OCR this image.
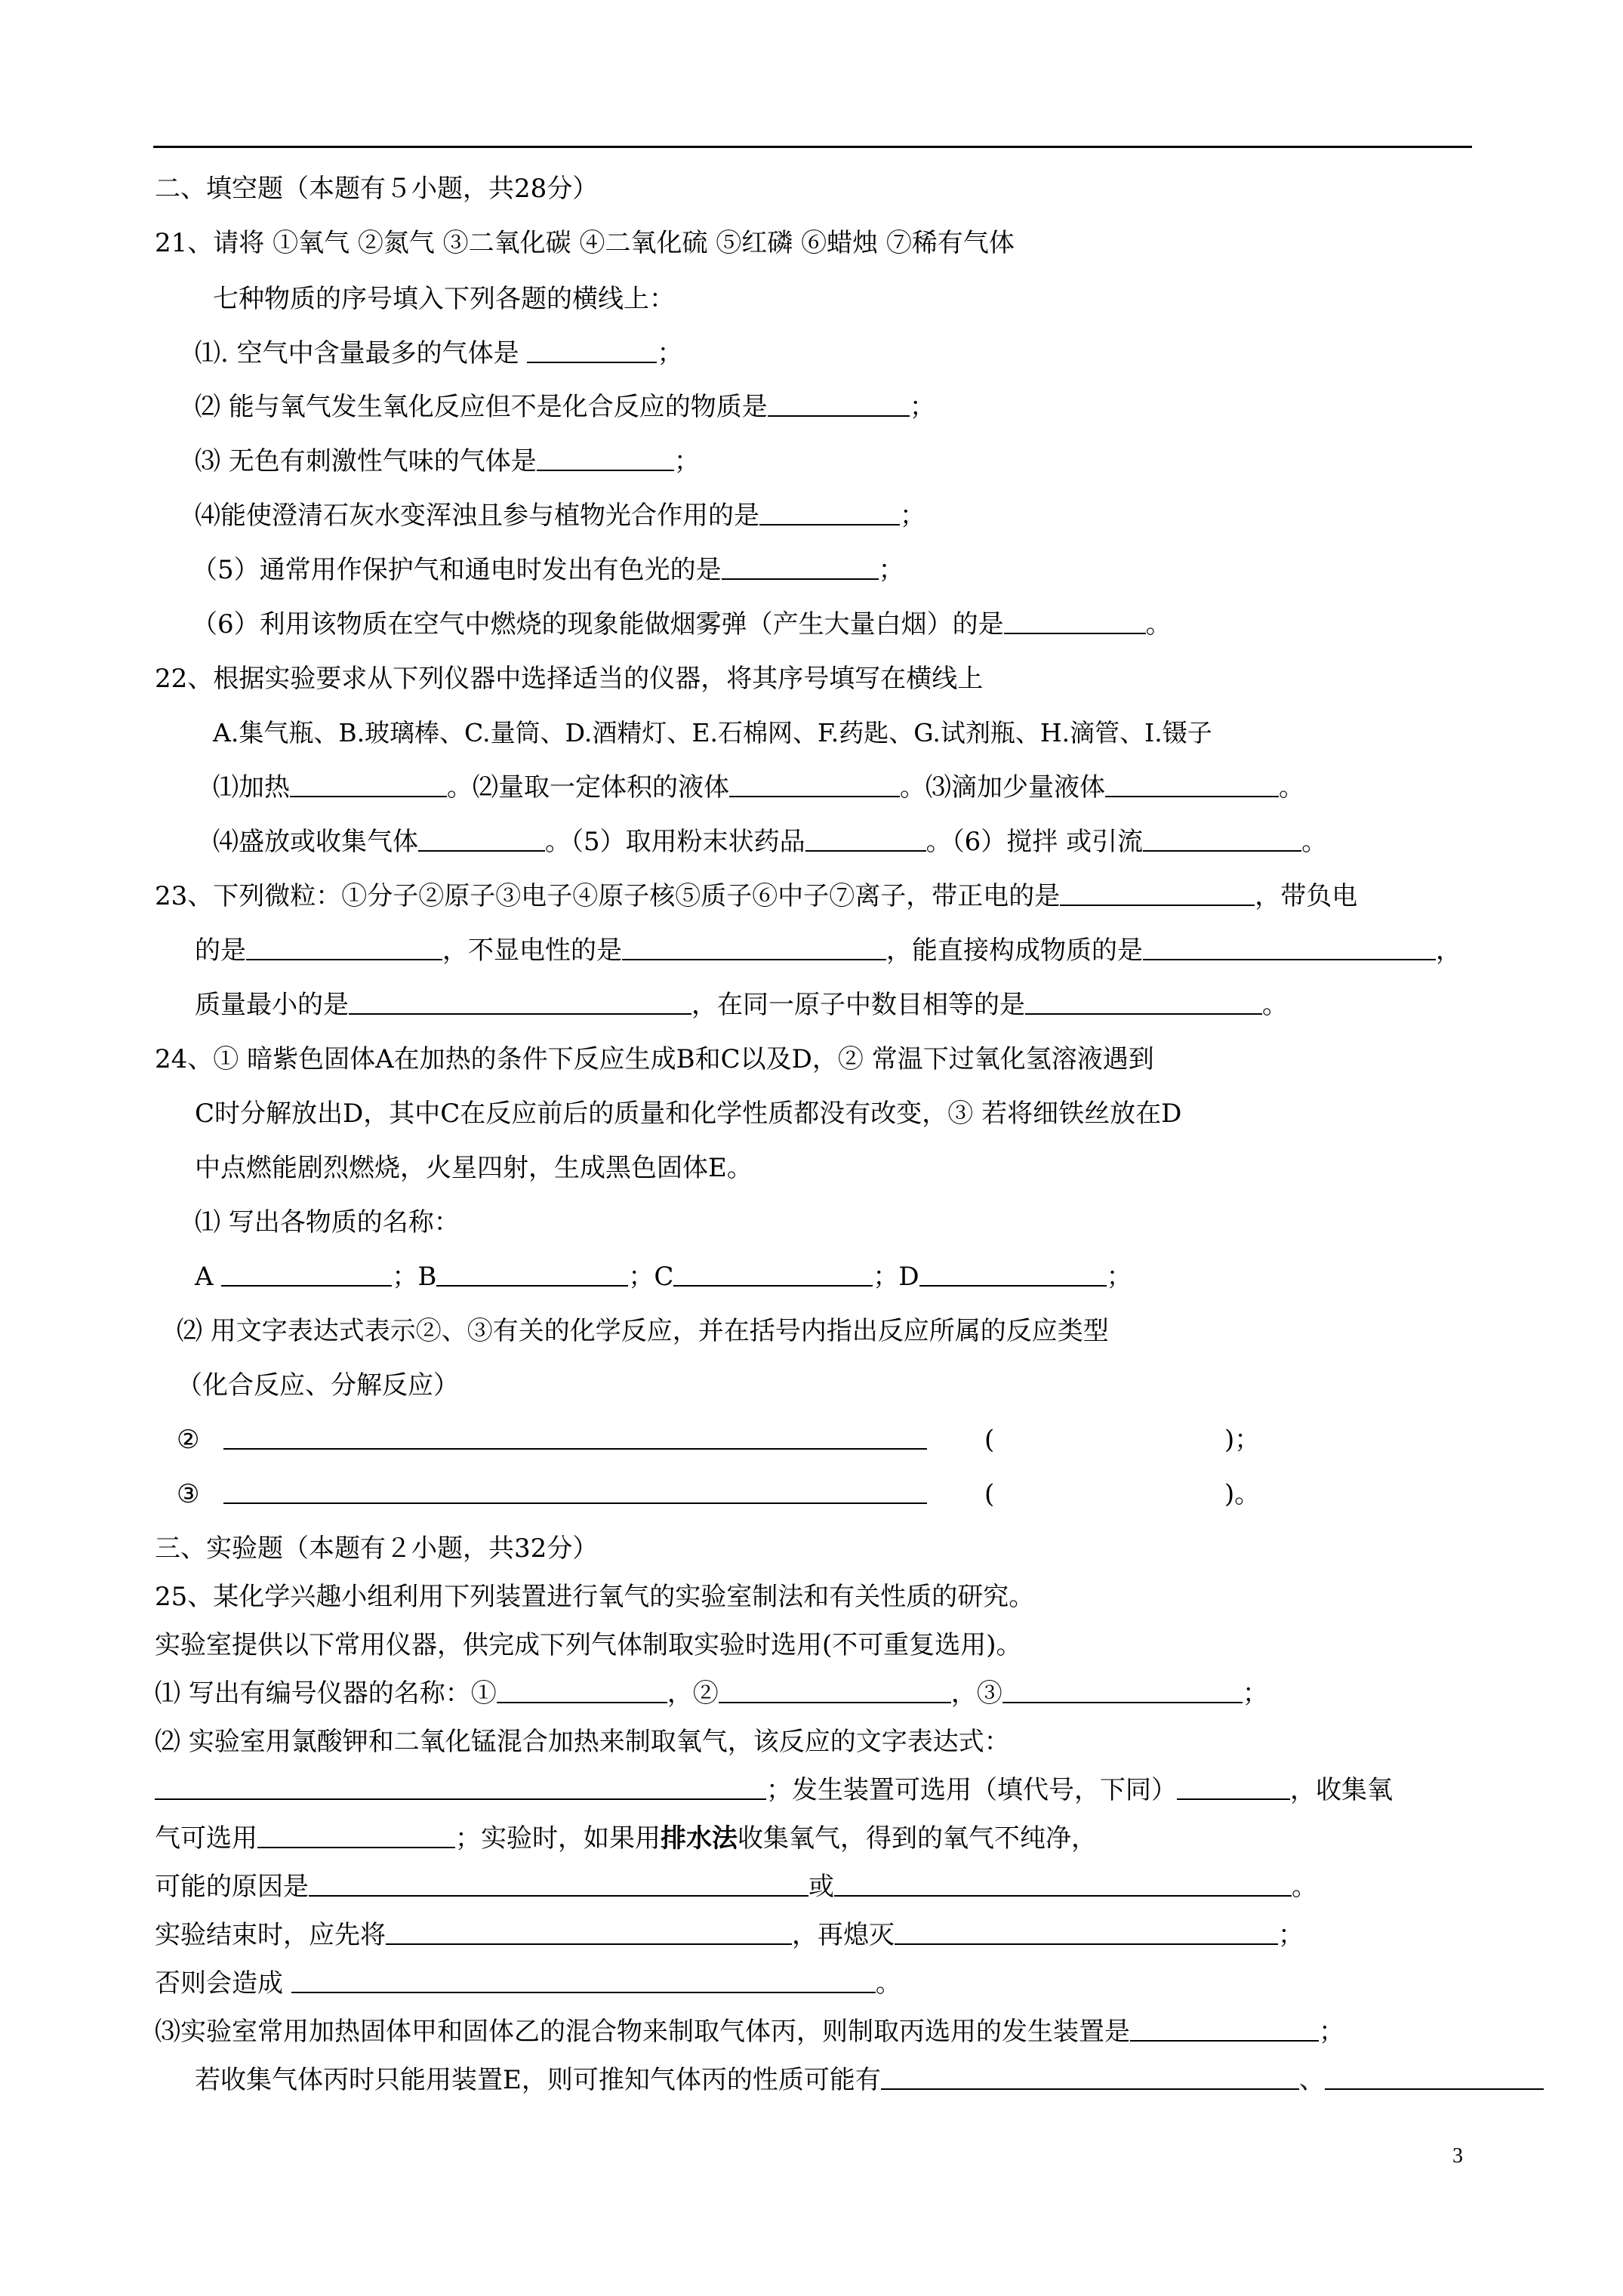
二、填空题（本题有５小题，共28分）
21、请将 ①氧气 ②氮气 ③二氧化碳 ④二氧化硫 ⑤红磷 ⑥蜡烛 ⑦稀有气体
七种物质的序号填入下列各题的横线上：
⑴. 空气中含量最多的气体是	；
⑵ 能与氧气发生氧化反应但不是化合反应的物质是	；
⑶ 无色有刺激性气味的气体是	；
⑷能使澄清石灰水变浑浊且参与植物光合作用的是	；
（5）通常用作保护气和通电时发出有色光的是	；
（6）利用该物质在空气中燃烧的现象能做烟雾弹（产生大量白烟）的是	。
22、根据实验要求从下列仪器中选择适当的仪器，将其序号填写在横线上
A.集气瓶、B.玻璃棒、C.量筒、D.酒精灯、E.石棉网、F.药匙、G.试剂瓶、H.滴管、I.镊子
⑴加热	。⑵量取一定体积的液体	。⑶滴加少量液体	。
⑷盛放或收集气体	。（5）取用粉末状药品	。（6）搅拌 或引流	。
23、下列微粒：①分子②原子③电子④原子核⑤质子⑥中子⑦离子，带正电的是	，带负电
的是	，不显电性的是	，能直接构成物质的是	，
质量最小的是	，在同一原子中数目相等的是	。
24、① 暗紫色固体A在加热的条件下反应生成B和C以及D，② 常温下过氧化氢溶液遇到
C时分解放出D，其中C在反应前后的质量和化学性质都没有改变，③ 若将细铁丝放在D
中点燃能剧烈燃烧，火星四射，生成黑色固体E。
⑴ 写出各物质的名称：
A	；B	；C	；D	；
⑵ 用文字表达式表示②、③有关的化学反应，并在括号内指出反应所属的反应类型
（化合反应、分解反应）
②	(	)；
③	(	)。
三、实验题（本题有２小题，共32分）
25、某化学兴趣小组利用下列装置进行氧气的实验室制法和有关性质的研究。
实验室提供以下常用仪器，供完成下列气体制取实验时选用(不可重复选用)。
⑴ 写出有编号仪器的名称：①	，②	，③	；
⑵ 实验室用氯酸钾和二氧化锰混合加热来制取氧气，该反应的文字表达式：
；发生装置可选用（填代号，下同）	，收集氧
气可选用	；实验时，如果用排水法收集氧气，得到的氧气不纯净，
可能的原因是	或	。
实验结束时，应先将	，再熄灭	；
否则会造成	。
⑶实验室常用加热固体甲和固体乙的混合物来制取气体丙，则制取丙选用的发生装置是	；
若收集气体丙时只能用装置E，则可推知气体丙的性质可能有	、
3
